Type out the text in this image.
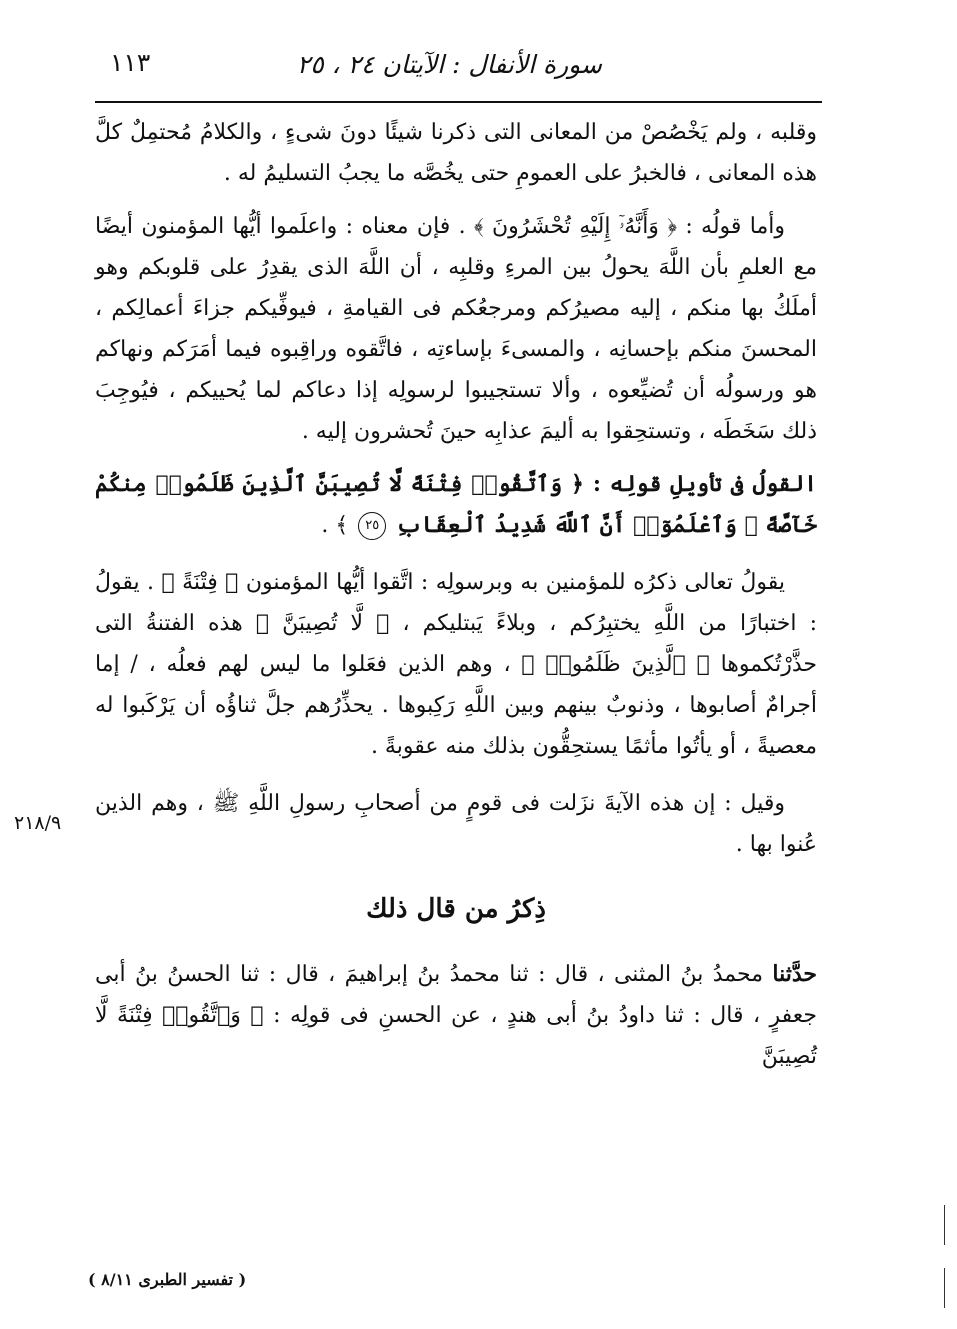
سورة الأنفال : الآيتان ٢٤ ، ٢٥
١١٣

وقلبه ، ولم يَخْصُصْ من المعانى التى ذكرنا شيئًا دونَ شىءٍ ، والكلامُ مُحتمِلٌ كلَّ هذه المعانى ، فالخبرُ على العمومِ حتى يخُصَّه ما يجبُ التسليمُ له .

وأما قولُه : ﴿ وَأَنَّهُۥٓ إِلَيْهِ تُحْشَرُونَ ﴾ . فإن معناه : واعلَموا أيُّها المؤمنون أيضًا مع العلمِ بأن اللَّهَ يحولُ بين المرءِ وقلبِه ، أن اللَّهَ الذى يقدِرُ على قلوبكم وهو أملَكُ بها منكم ، إليه مصيرُكم ومرجعُكم فى القيامةِ ، فيوفِّيكم جزاءَ أعمالِكم ، المحسنَ منكم بإحسانِه ، والمسىءَ بإساءتِه ، فاتَّقوه وراقِبوه فيما أمَرَكم ونهاكم هو ورسولُه أن تُضيِّعوه ، وألا تستجيبوا لرسولِه إذا دعاكم لما يُحييكم ، فيُوجِبَ ذلك سَخَطَه ، وتستحِقوا به أليمَ عذابِه حينَ تُحشرون إليه .

القولُ فى تأويلِ قولِه : ﴿ وَٱتَّقُوا۟ فِتْنَةً لَّا تُصِيبَنَّ ٱلَّذِينَ ظَلَمُوا۟ مِنكُمْ خَآصَّةً ۖ وَٱعْلَمُوٓا۟ أَنَّ ٱللَّهَ شَدِيدُ ٱلْعِقَابِ ٢٥ ﴾ .

يقولُ تعالى ذكرُه للمؤمنين به وبرسولِه : اتَّقوا أيُّها المؤمنون ﴿ فِتْنَةً ﴾ . يقولُ : اختبارًا من اللَّهِ يختبِرُكم ، وبلاءً يَبتليكم ، ﴿ لَّا تُصِيبَنَّ ﴾ هذه الفتنةُ التى حذَّرْتُكموها ﴿ ٱلَّذِينَ ظَلَمُوا۟ ﴾ ، وهم الذين فعَلوا ما ليس لهم فعلُه ، / إما أجرامٌ أصابوها ، وذنوبٌ بينهم وبين اللَّهِ رَكِبوها . يحذِّرُهم جلَّ ثناؤُه أن يَرْكَبوا له معصيةً ، أو يأتُوا مأثمًا يستحِقُّون بذلك منه عقوبةً .

وقيل : إن هذه الآيةَ نزَلت فى قومٍ من أصحابِ رسولِ اللَّهِ ﷺ ، وهم الذين عُنوا بها .

ذِكرُ من قال ذلك

حدَّثنا محمدُ بنُ المثنى ، قال : ثنا محمدُ بنُ إبراهيمَ ، قال : ثنا الحسنُ بنُ أبى جعفرٍ ، قال : ثنا داودُ بنُ أبى هندٍ ، عن الحسنِ فى قولِه : ﴿ وَٱتَّقُوا۟ فِتْنَةً لَّا تُصِيبَنَّ

٢١٨/٩
( تفسير الطبرى ٨/١١ )
